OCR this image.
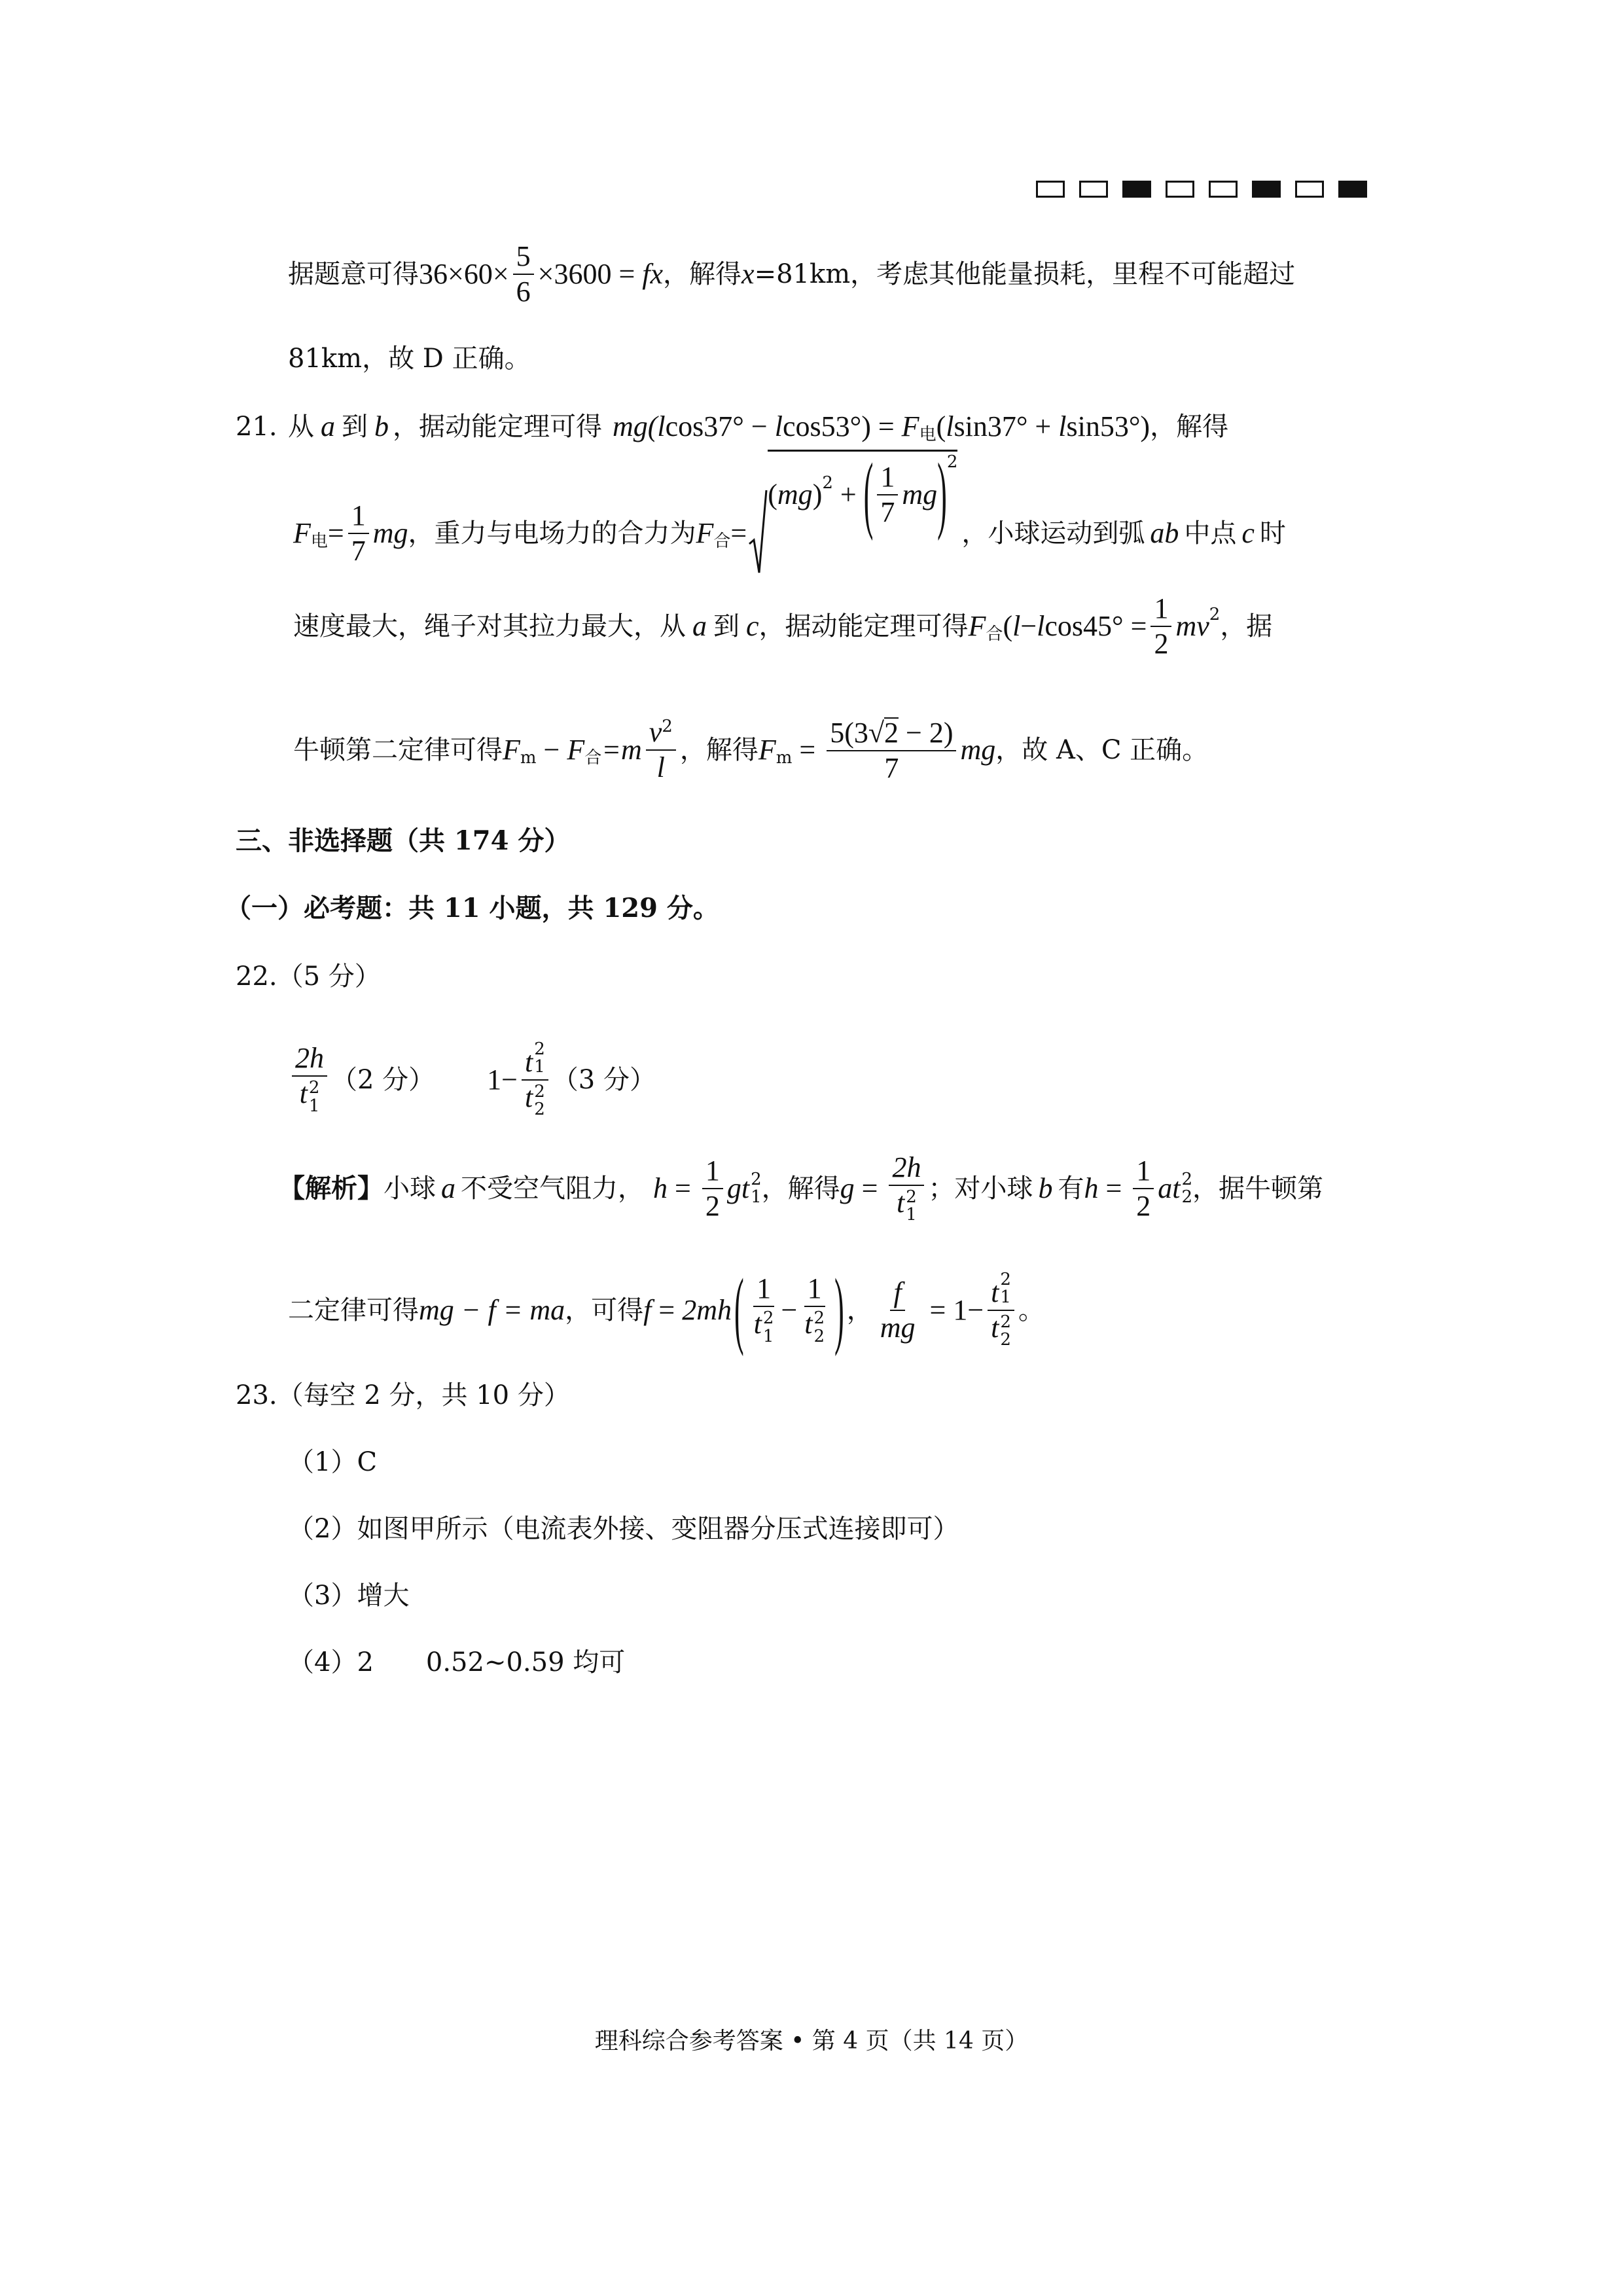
据题意可得 $36\times 60\times \frac{5}{6} \times 3600$ = fx ，解得 x =81km，考虑其他能量损耗，里程不可能超过
81km，故 D 正确。
21. 从 a 到 b ，据动能定理可得 mg(l cos37° − l cos53°) = F 电 ( l sin37° + l sin53°) ，解得
F 电 = $\frac{1}{7}$ mg ，重力与电场力的合力为 F 合 =
( mg ) 2 + ( $\frac{1}{7}$ mg ) 2
，小球运动到弧 ab 中点 c 时
速度最大，绳子对其拉力最大，从 a 到 c ，据动能定理可得 F 合 ( l − l $\cos 45^\circ = \frac{1}{2}$ mv 2 ，据
牛顿第二定律可得 F m − F 合 $=m \frac{v 2}{l}$ ，解得 F $m = \frac{5(3 √ 2 - 2)}{7}$ mg ，故 A、C 正确。
三、非选择题（共 174 分）
（一）必考题：共 11 小题，共 129 分。
22. （5 分）
2h
t 2
1 （2 分） 1 − t 2
1
t 2
2 （3 分）
【解析】 小球 a 不受空气阻力， $h = \frac{1}{2}$ g t 2
1 ，解得 g = 2h
t 2
1 ；对小球 b 有 $h = \frac{1}{2}$ a t 2
2 ，据牛顿第
二定律可得 mg − f = ma ，可得 f = 2mh ( 1
t 2
1 − 1
t 2
2 ) ， $\frac{f}{mg} = 1 - t$ 2
1
t 2
2 。
23. （每空 2 分，共 10 分）
（1）C
（2）如图甲所示（电流表外接、变阻器分压式连接即可）
（3）增大
（4）2　　0.52~0.59 均可
理科综合参考答案 • 第 4 页（共 14 页）
